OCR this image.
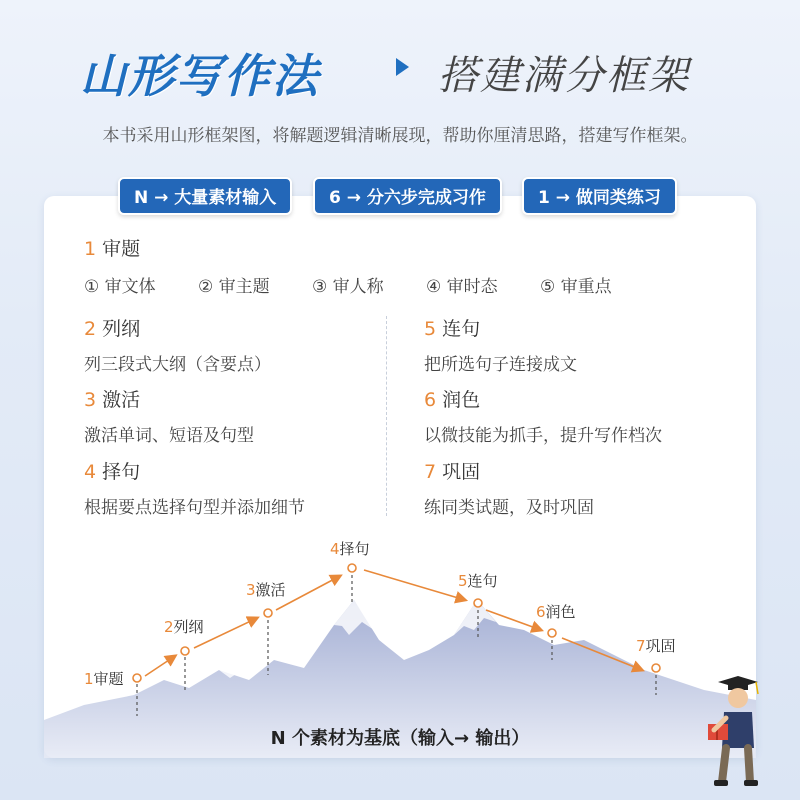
山形写作法	搭建满分框架
本书采用山形框架图，将解题逻辑清晰展现，帮助你厘清思路，搭建写作框架。
N → 大量素材输入	6 → 分六步完成习作	1 → 做同类练习
1 审题
① 审文体	② 审主题	③ 审人称	④ 审时态	⑤ 审重点
2 列纲
列三段式大纲（含要点）
3 激活
激活单词、短语及句型
4 择句
根据要点选择句型并添加细节
5 连句
把所选句子连接成文
6 润色
以微技能为抓手，提升写作档次
7 巩固
练同类试题，及时巩固
1审题
2列纲
3激活
4择句
5连句
6润色
7巩固
N 个素材为基底（输入→ 输出）
